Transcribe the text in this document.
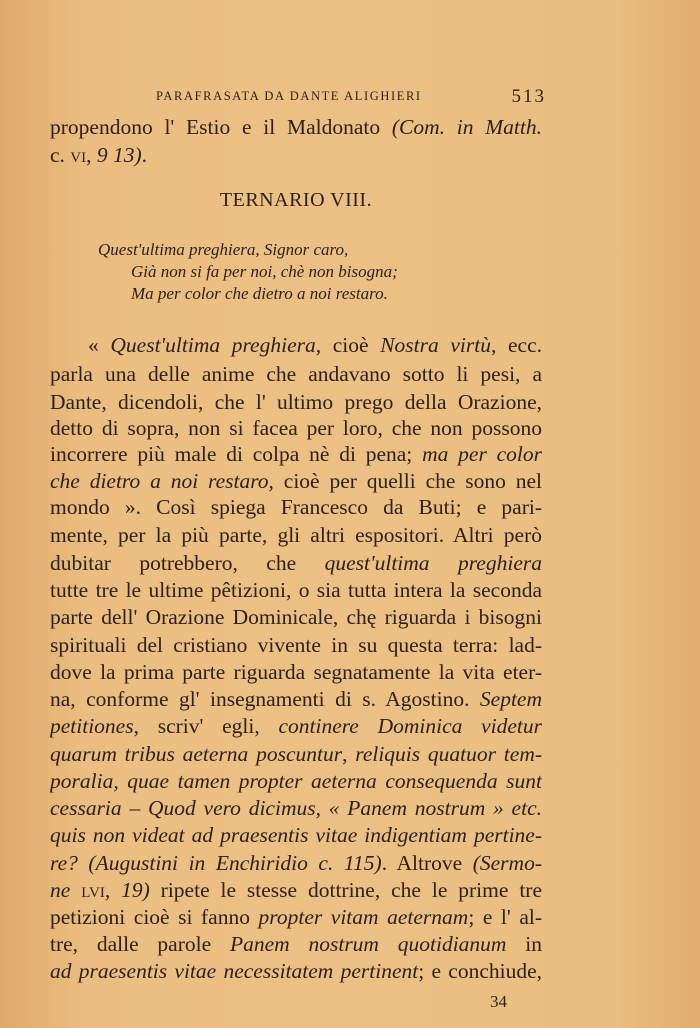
PARAFRASATA DA DANTE ALIGHIERI	513
propendono l' Estio e il Maldonato (Com. in Matth.
c. vi, 9 13).
TERNARIO VIII.
Quest'ultima preghiera, Signor caro,
Già non si fa per noi, chè non bisogna;
Ma per color che dietro a noi restaro.
« Quest'ultima preghiera, cioè Nostra virtù, ecc.
parla una delle anime che andavano sotto li pesi, a
Dante, dicendoli, che l' ultimo prego della Orazione,
detto di sopra, non si facea per loro, che non possono
incorrere più male di colpa nè di pena; ma per color
che dietro a noi restaro, cioè per quelli che sono nel
mondo ». Così spiega Francesco da Buti; e pari-
mente, per la più parte, gli altri espositori. Altri però
dubitar potrebbero, che quest'ultima preghiera
tutte tre le ultime pêtizioni, o sia tutta intera la seconda
parte dell' Orazione Dominicale, chę riguarda i bisogni
spirituali del cristiano vivente in su questa terra: lad-
dove la prima parte riguarda segnatamente la vita eter-
na, conforme gl' insegnamenti di s. Agostino. Septem
petitiones, scriv' egli, continere Dominica videtur
quarum tribus aeterna poscuntur, reliquis quatuor tem-
poralia, quae tamen propter aeterna consequenda sunt
cessaria – Quod vero dicimus, « Panem nostrum » etc.
quis non videat ad praesentis vitae indigentiam pertine-
re? (Augustini in Enchiridio c. 115). Altrove (Sermo-
ne lvi, 19) ripete le stesse dottrine, che le prime tre
petizioni cioè si fanno propter vitam aeternam; e l' al-
tre, dalle parole Panem nostrum quotidianum in
ad praesentis vitae necessitatem pertinent; e conchiude,
34
